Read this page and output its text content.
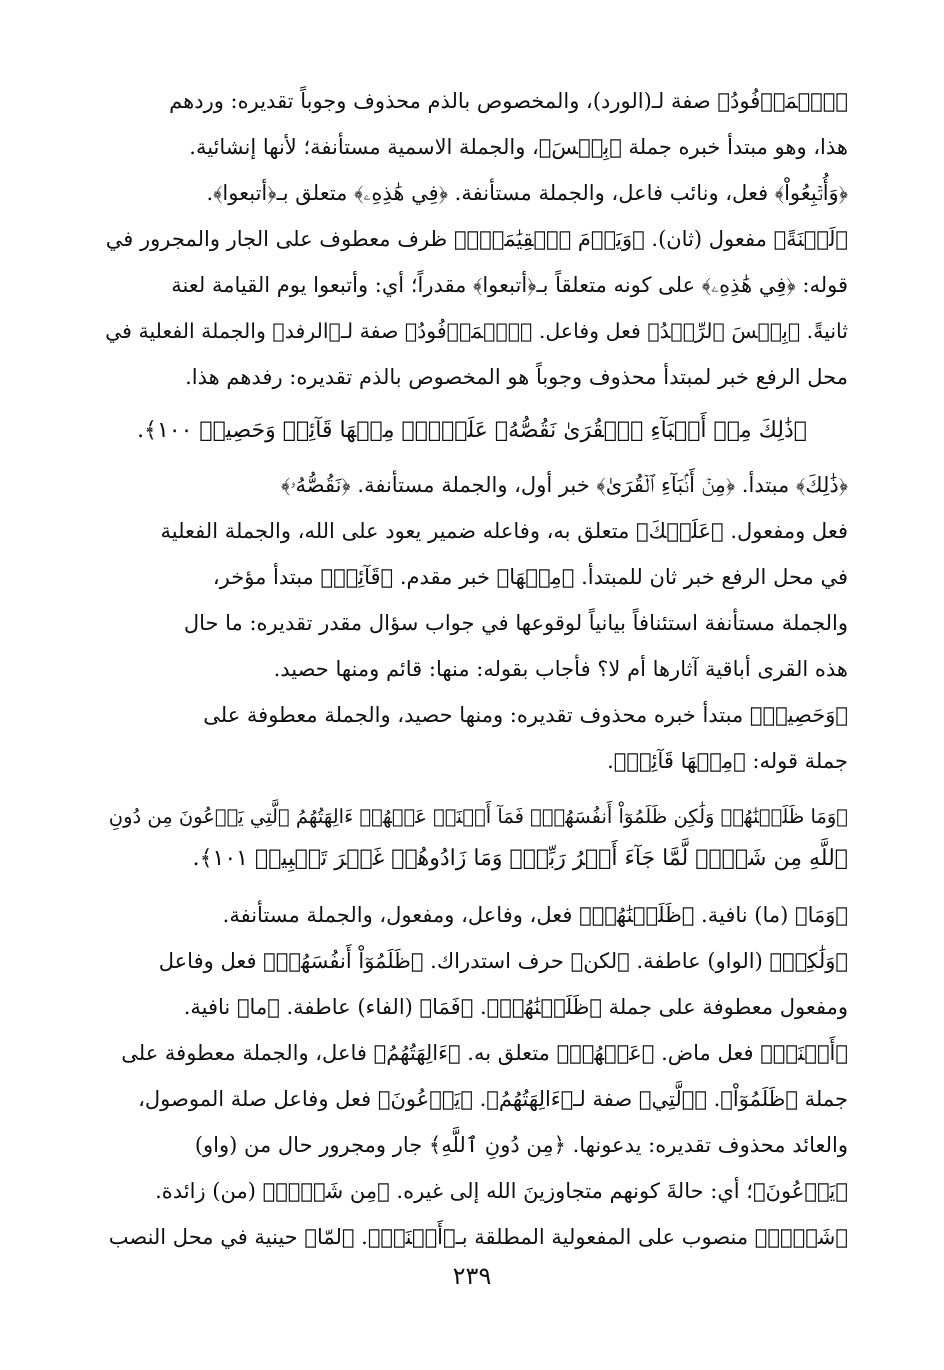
﴿ٱلۡمَرۡفُودُ﴾ صفة لـ(الورد)، والمخصوص بالذم محذوف وجوباً تقديره: وردهم
هذا، وهو مبتدأ خبره جملة ﴿بِئۡسَ﴾، والجملة الاسمية مستأنفة؛ لأنها إنشائية.
﴿وَأُتۡبِعُواْ﴾ فعل، ونائب فاعل، والجملة مستأنفة. ﴿فِي هَٰذِهِۦ﴾ متعلق بـ﴿أتبعوا﴾.
﴿لَعۡنَةً﴾ مفعول (ثان). ﴿وَيَوۡمَ ٱلۡقِيَٰمَةِۚ﴾ ظرف معطوف على الجار والمجرور في
قوله: ﴿فِي هَٰذِهِۦ﴾ على كونه متعلقاً بـ﴿أتبعوا﴾ مقدراً؛ أي: وأتبعوا يوم القيامة لعنة
ثانيةً. ﴿بِئۡسَ ٱلرِّفۡدُ﴾ فعل وفاعل. ﴿ٱلۡمَرۡفُودُ﴾ صفة لـ﴿الرفد﴾ والجملة الفعلية في
محل الرفع خبر لمبتدأ محذوف وجوباً هو المخصوص بالذم تقديره: رفدهم هذا.
﴿ذَٰلِكَ مِنۡ أَنۢبَآءِ ٱلۡقُرَىٰ نَقُصُّهُۥ عَلَيۡكَۖ مِنۡهَا قَآئِمٞ وَحَصِيدٞ ١٠٠﴾.
﴿ذَٰلِكَ﴾ مبتدأ. ﴿مِنۡ أَنۢبَآءِ ٱلۡقُرَىٰ﴾ خبر أول، والجملة مستأنفة. ﴿نَقُصُّهُۥ﴾
فعل ومفعول. ﴿عَلَيۡكَ﴾ متعلق به، وفاعله ضمير يعود على الله، والجملة الفعلية
في محل الرفع خبر ثان للمبتدأ. ﴿مِنۡهَا﴾ خبر مقدم. ﴿قَآئِمٞ﴾ مبتدأ مؤخر،
والجملة مستأنفة استئنافاً بيانياً لوقوعها في جواب سؤال مقدر تقديره: ما حال
هذه القرى أباقية آثارها أم لا؟ فأجاب بقوله: منها: قائم ومنها حصيد.
﴿وَحَصِيدٞ﴾ مبتدأ خبره محذوف تقديره: ومنها حصيد، والجملة معطوفة على
جملة قوله: ﴿مِنۡهَا قَآئِمٞ﴾.
﴿وَمَا ظَلَمۡنَٰهُمۡ وَلَٰكِن ظَلَمُوٓاْ أَنفُسَهُمۡۖ فَمَآ أَغۡنَتۡ عَنۡهُمۡ ءَالِهَتُهُمُ ٱلَّتِي يَدۡعُونَ مِن دُونِ
ٱللَّهِ مِن شَيۡءٖ لَّمَّا جَآءَ أَمۡرُ رَبِّكَۖ وَمَا زَادُوهُمۡ غَيۡرَ تَتۡبِيبٖ ١٠١﴾.
﴿وَمَا﴾ (ما) نافية. ﴿ظَلَمۡنَٰهُمۡ﴾ فعل، وفاعل، ومفعول، والجملة مستأنفة.
﴿وَلَٰكِنۡ﴾ (الواو) عاطفة. ﴿لكن﴾ حرف استدراك. ﴿ظَلَمُوٓاْ أَنفُسَهُمۡ﴾ فعل وفاعل
ومفعول معطوفة على جملة ﴿ظَلَمۡنَٰهُمۡ﴾. ﴿فَمَا﴾ (الفاء) عاطفة. ﴿ما﴾ نافية.
﴿أَغۡنَتۡ﴾ فعل ماض. ﴿عَنۡهُمۡ﴾ متعلق به. ﴿ءَالِهَتُهُمُ﴾ فاعل، والجملة معطوفة على
جملة ﴿ظَلَمُوٓاْ﴾. ﴿ٱلَّتِي﴾ صفة لـ﴿ءَالِهَتُهُمُ﴾. ﴿يَدۡعُونَ﴾ فعل وفاعل صلة الموصول،
والعائد محذوف تقديره: يدعونها. ﴿مِن دُونِ ٱللَّهِ﴾ جار ومجرور حال من (واو)
﴿يَدۡعُونَ﴾؛ أي: حالةَ كونهم متجاوزينَ الله إلى غيره. ﴿مِن شَيۡءٖ﴾ (من) زائدة.
﴿شَيۡءٖ﴾ منصوب على المفعولية المطلقة بـ﴿أَغۡنَتۡ﴾. ﴿لمّا﴾ حينية في محل النصب
٢٣٩
